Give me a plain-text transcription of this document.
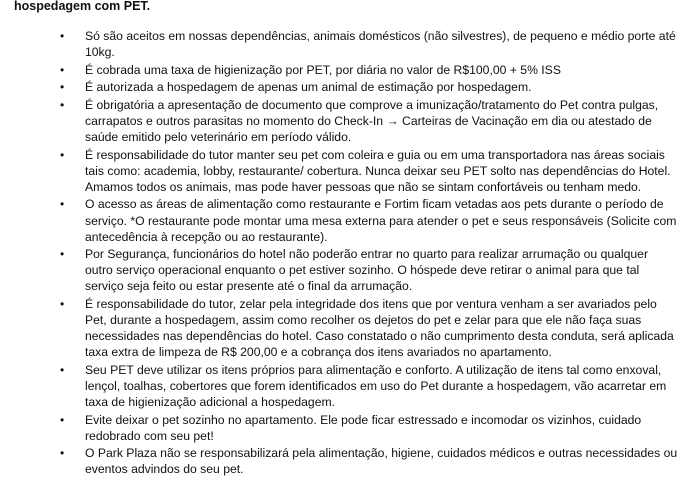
hospedagem com PET.
• Só são aceitos em nossas dependências, animais domésticos (não silvestres), de pequeno e médio porte até
10kg.
• É cobrada uma taxa de higienização por PET, por diária no valor de R$100,00 + 5% ISS
• É autorizada a hospedagem de apenas um animal de estimação por hospedagem.
• É obrigatória a apresentação de documento que comprove a imunização/tratamento do Pet contra pulgas,
carrapatos e outros parasitas no momento do Check-In → Carteiras de Vacinação em dia ou atestado de
saúde emitido pelo veterinário em período válido.
• É responsabilidade do tutor manter seu pet com coleira e guia ou em uma transportadora nas áreas sociais
tais como: academia, lobby, restaurante/ cobertura. Nunca deixar seu PET solto nas dependências do Hotel.
Amamos todos os animais, mas pode haver pessoas que não se sintam confortáveis ou tenham medo.
• O acesso as áreas de alimentação como restaurante e Fortim ficam vetadas aos pets durante o período de
serviço. *O restaurante pode montar uma mesa externa para atender o pet e seus responsáveis (Solicite com
antecedência à recepção ou ao restaurante).
• Por Segurança, funcionários do hotel não poderão entrar no quarto para realizar arrumação ou qualquer
outro serviço operacional enquanto o pet estiver sozinho. O hóspede deve retirar o animal para que tal
serviço seja feito ou estar presente até o final da arrumação.
• É responsabilidade do tutor, zelar pela integridade dos itens que por ventura venham a ser avariados pelo
Pet, durante a hospedagem, assim como recolher os dejetos do pet e zelar para que ele não faça suas
necessidades nas dependências do hotel. Caso constatado o não cumprimento desta conduta, será aplicada
taxa extra de limpeza de R$ 200,00 e a cobrança dos itens avariados no apartamento.
• Seu PET deve utilizar os itens próprios para alimentação e conforto. A utilização de itens tal como enxoval,
lençol, toalhas, cobertores que forem identificados em uso do Pet durante a hospedagem, vão acarretar em
taxa de higienização adicional a hospedagem.
• Evite deixar o pet sozinho no apartamento. Ele pode ficar estressado e incomodar os vizinhos, cuidado
redobrado com seu pet!
• O Park Plaza não se responsabilizará pela alimentação, higiene, cuidados médicos e outras necessidades ou
eventos advindos do seu pet.
